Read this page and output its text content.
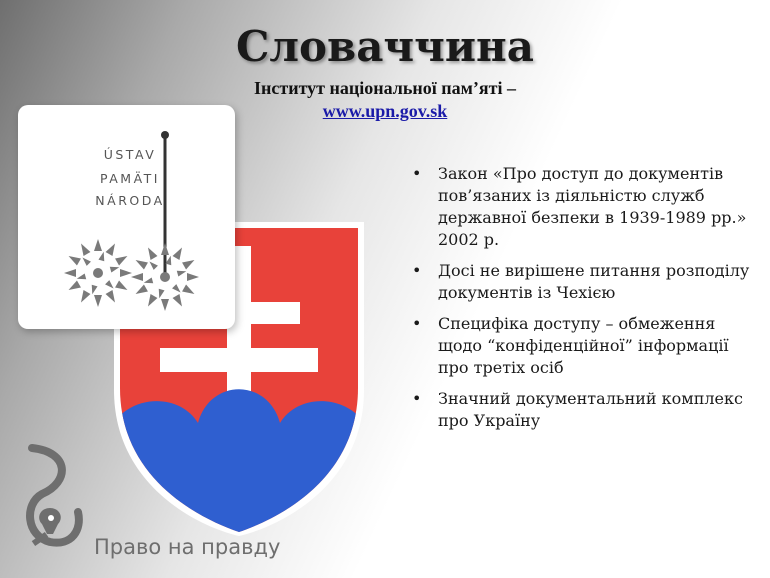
Словаччина
Інститут національної пам’яті –
www.upn.gov.sk
ÚSTAV
PAMÄTI
NÁRODA
• Закон «Про доступ до документів пов’язаних із діяльністю служб державної безпеки в 1939-1989 рр.» 2002 р.
• Досі не вирішене питання розподілу документів із Чехією
• Специфіка доступу – обмеження щодо “конфіденційної” інформації про третіх осіб
• Значний документальний комплекс про Україну
Право на правду
